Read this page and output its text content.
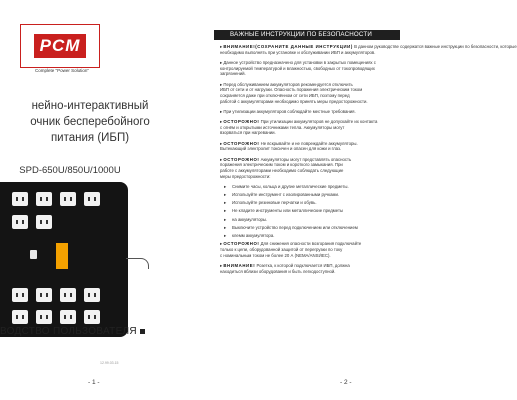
PCM
Complete "Power Solution"
нейно-интерактивный
очник бесперебойного
питания (ИБП)
SPD-650U/850U/1000U
ВОДСТВО ПОЛЬЗОВАТЕЛЯ
12.99.03.15
- 1 -
ВАЖНЫЕ ИНСТРУКЦИИ ПО БЕЗОПАСНОСТИ
▸ ВНИМАНИЕ!(СОХРАНИТЕ ДАННЫЕ ИНСТРУКЦИИ) В данном руководстве содержатся важные инструкции по безопасности, которые
необходимо выполнять при установке и обслуживании ИБП и аккумуляторов.
▸ Данное устройство предназначено для установки в закрытых помещениях с
контролируемой температурой и влажностью, свободных от токопроводящих
загрязнений.
▸ Перед обслуживанием аккумуляторов рекомендуется отключить
ИБП от сети и от нагрузки. Опасность поражения электрическим током
сохраняется даже при отключённом от сети ИБП, поэтому перед
работой с аккумуляторами необходимо принять меры предосторожности.
▸ При утилизации аккумуляторов соблюдайте местные требования.
▸ ОСТОРОЖНО! При утилизации аккумуляторов не допускайте их контакта
с огнём и открытыми источниками тепла. Аккумуляторы могут
взорваться при нагревании.
▸ ОСТОРОЖНО! Не вскрывайте и не повреждайте аккумуляторы.
Вытекающий электролит токсичен и опасен для кожи и глаз.
▸ ОСТОРОЖНО! Аккумуляторы могут представлять опасность
поражения электрическим током и короткого замыкания. При
работе с аккумуляторами необходимо соблюдать следующие
меры предосторожности:
▸ Снимите часы, кольца и другие металлические предметы.
▸ Используйте инструмент с изолированными ручками.
▸ Используйте резиновые перчатки и обувь.
▸ Не кладите инструменты или металлические предметы
▸ на аккумуляторы.
▸ Выключите устройство перед подключением или отключением
▸ клемм аккумулятора.
▸ ОСТОРОЖНО! Для снижения опасности возгорания подключайте
только к цепи, оборудованной защитой от перегрузки по току
с номинальным током не более 20 А (NEMA/ANSI/IEC).
▸ ВНИМАНИЕ! Розетка, к которой подключается ИБП, должна
находиться вблизи оборудования и быть легкодоступной.
- 2 -
